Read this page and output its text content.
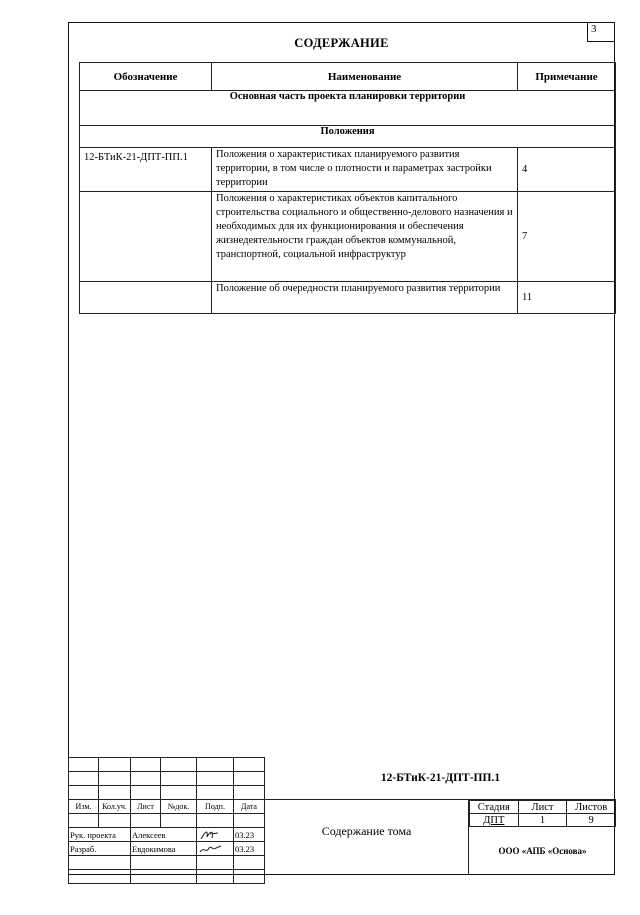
3
СОДЕРЖАНИЕ
Обозначение	Наименование	Примечание
Основная часть проекта планировки территории		
Положения		
12-БТиК-21-ДПТ-ПП.1	Положения о характеристиках планируемого развития территории, в том числе о плотности и параметрах застройки территории	4
	Положения о характеристиках объектов капитального строительства социального и общественно-делового назначения и необходимых для их функционирования и обеспечения жизнедеятельности граждан объектов коммунальной, транспортной, социальной инфраструктур	7
	Положение об очередности планируемого развития территории	11

Изм.	Кол.уч.	Лист	№док.	Подп.	Дата

Рук. проекта		Алексеев			03.23
Разраб.		Евдокимова			03.23

12-БТиК-21-ДПТ-ПП.1
Содержание тома
Стадия	Лист	Листов
ДПТ	1	9
ООО «АПБ «Основа»
